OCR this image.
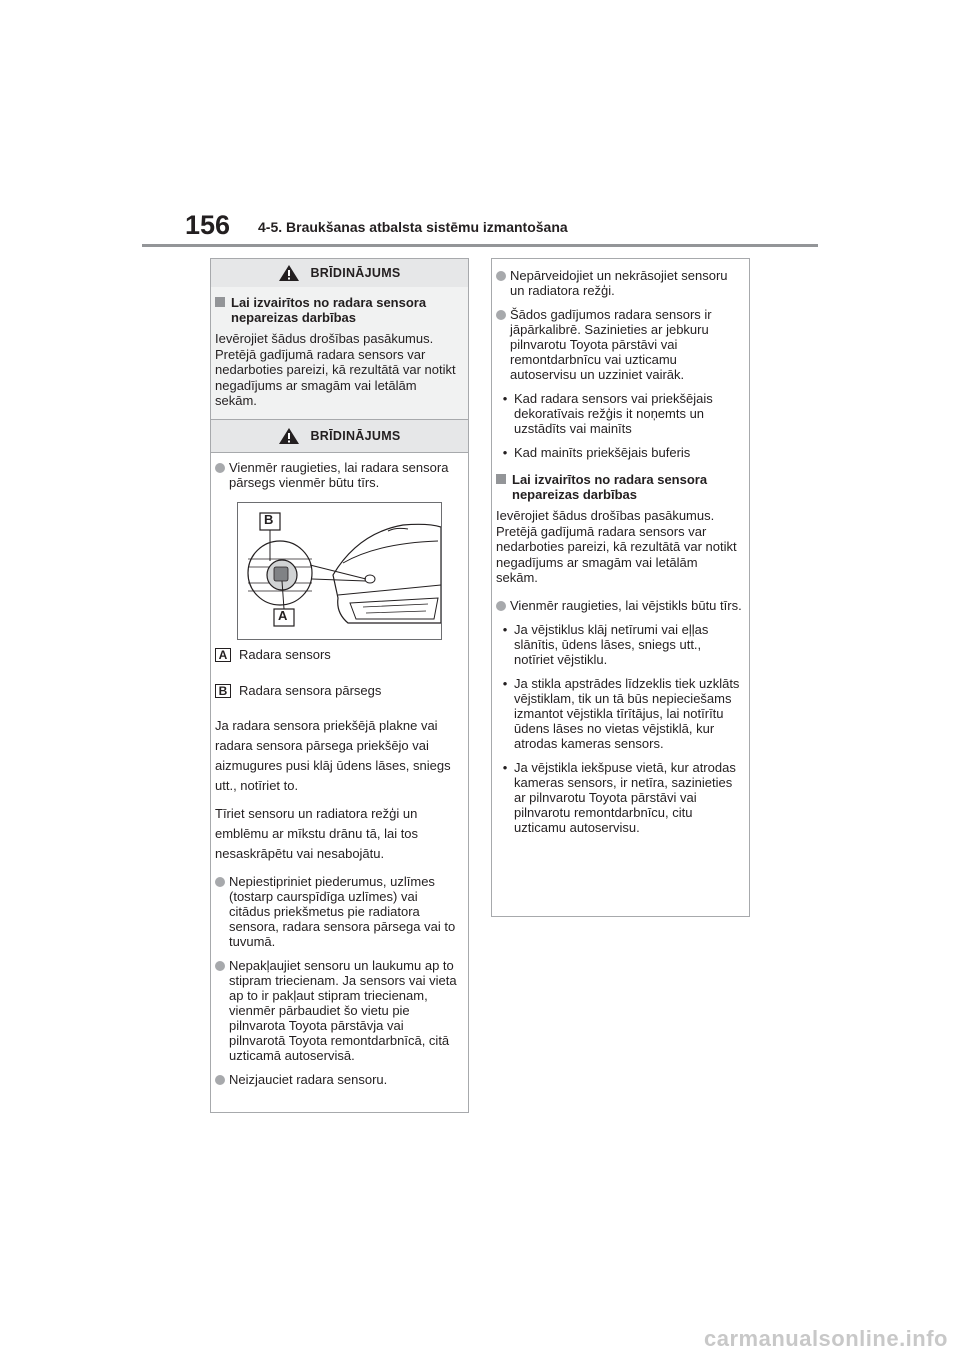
156 4-5. Braukšanas atbalsta sistēmu izmantošana
BRĪDINĀJUMS
Lai izvairītos no radara sensora nepareizas darbības
Ievērojiet šādus drošības pasākumus. Pretējā gadījumā radara sensors var nedarboties pareizi, kā rezultātā var notikt negadījums ar smagām vai letālām sekām.
BRĪDINĀJUMS
Vienmēr raugieties, lai radara sensora pārsegs vienmēr būtu tīrs.
B
A
A Radara sensors
B Radara sensora pārsegs
Ja radara sensora priekšējā plakne vai radara sensora pārsega priekšējo vai aizmugures pusi klāj ūdens lāses, sniegs utt., notīriet to.
Tīriet sensoru un radiatora režģi un emblēmu ar mīkstu drānu tā, lai tos nesaskrāpētu vai nesabojātu.
Nepiestipriniet piederumus, uzlīmes (tostarp caurspīdīga uzlīmes) vai citādus priekšmetus pie radiatora sensora, radara sensora pārsega vai to tuvumā.
Nepakļaujiet sensoru un laukumu ap to stipram triecienam. Ja sensors vai vieta ap to ir pakļaut stipram triecienam, vienmēr pārbaudiet šo vietu pie pilnvarota Toyota pārstāvja vai pilnvarotā Toyota remontdarbnīcā, citā uzticamā autoservisā.
Neizjauciet radara sensoru.
Nepārveidojiet un nekrāsojiet sensoru un radiatora režģi.
Šādos gadījumos radara sensors ir jāpārkalibrē. Sazinieties ar jebkuru pilnvarotu Toyota pārstāvi vai remontdarbnīcu vai uzticamu autoservisu un uzziniet vairāk.
• Kad radara sensors vai priekšējais dekoratīvais režģis it noņemts un uzstādīts vai mainīts
• Kad mainīts priekšējais buferis
Lai izvairītos no radara sensora nepareizas darbības
Ievērojiet šādus drošības pasākumus. Pretējā gadījumā radara sensors var nedarboties pareizi, kā rezultātā var notikt negadījums ar smagām vai letālām sekām.
Vienmēr raugieties, lai vējstikls būtu tīrs.
• Ja vējstiklus klāj netīrumi vai eļļas slānītis, ūdens lāses, sniegs utt., notīriet vējstiklu.
• Ja stikla apstrādes līdzeklis tiek uzklāts vējstiklam, tik un tā būs nepieciešams izmantot vējstikla tīrītājus, lai notīrītu ūdens lāses no vietas vējstiklā, kur atrodas kameras sensors.
• Ja vējstikla iekšpuse vietā, kur atrodas kameras sensors, ir netīra, sazinieties ar pilnvarotu Toyota pārstāvi vai pilnvarotu remontdarbnīcu, citu uzticamu autoservisu.
carmanualsonline.info
